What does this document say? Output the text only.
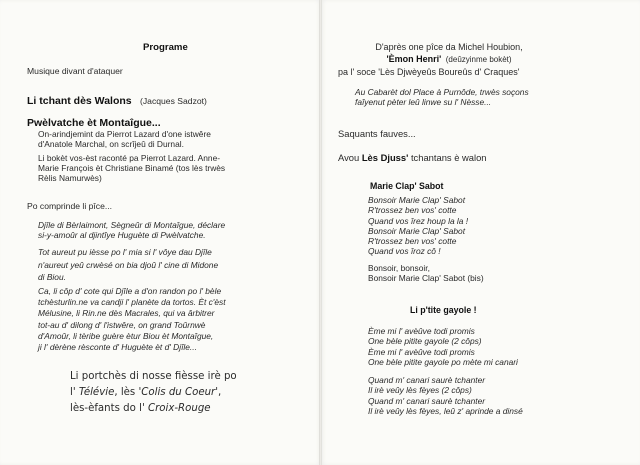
Programe
Musique divant d'ataquer
Li tchant dès Walons (Jacques Sadzot)
Pwèlvatche èt Montaîgue...
On-arindjemint da Pierrot Lazard d'one istwêre
d'Anatole Marchal, on scrîjeû di Durnal.
Li bokèt vos-èst raconté pa Pierrot Lazard. Anne-
Marie François èt Christiane Binamé (tos lès trwès
Rèlis Namurwès)
Po comprinde li pîce...
Djîle di Bèrlaimont, Sègneûr di Montaîgue, déclare
si-y-amoûr al djintîye Huguète di Pwèlvatche.
Tot aureut pu ièsse po l' mia si l' vôye dau Djîle
n'aureut yeû crwèsé on bia djoû l' cine di Midone
di Biou.
Ca, li côp d' cote qui Djîle a d'on randon po l' bèle
tchèsturlin.ne va candji l' planète da tortos. Èt c'èst
Mélusine, li Rin.ne dès Macrales, qui va ârbitrer
tot-au d' dilong d' l'istwêre, on grand Toûrnwè
d'Amoûr, li tèribe guère ètur Biou èt Montaîgue,
ji l' dèrène rèsconte d' Huguète èt d' Djîle...
Li portchès di nosse fièsse irè po
l' Télévie, lès 'Colis du Coeur',
lès-èfants do l' Croix-Rouge
D'après one pîce da Michel Houbion,
'Èmon Henri' (deûzyinme bokèt)
pa l' soce 'Lès Djwèyeûs Boureûs d' Craques'
Au Cabarèt dol Place à Purnôde, trwès soçons
faîyenut pèter leû linwe su l' Nèsse...
Saquants fauves...
Avou Lès Djuss' tchantans è walon
Marie Clap' Sabot
Bonsoir Marie Clap' Sabot
R'trossez ben vos' cotte
Quand vos îrez houp la la !
Bonsoir Marie Clap' Sabot
R'trossez ben vos' cotte
Quand vos îroz cô !
Bonsoir, bonsoir,
Bonsoir Marie Clap' Sabot (bis)
Li p'tite gayole !
Ème mi l' avèûve todi promis
One bèle pitite gayole (2 côps)
Ème mi l' avèûve todi promis
One bèle pitite gayole po mète mi canari
Quand m' canari saurè tchanter
Il irè veûy lès fèyes (2 côps)
Quand m' canari saurè tchanter
Il irè veûy lès fèyes, leû z' aprinde a dinsé
